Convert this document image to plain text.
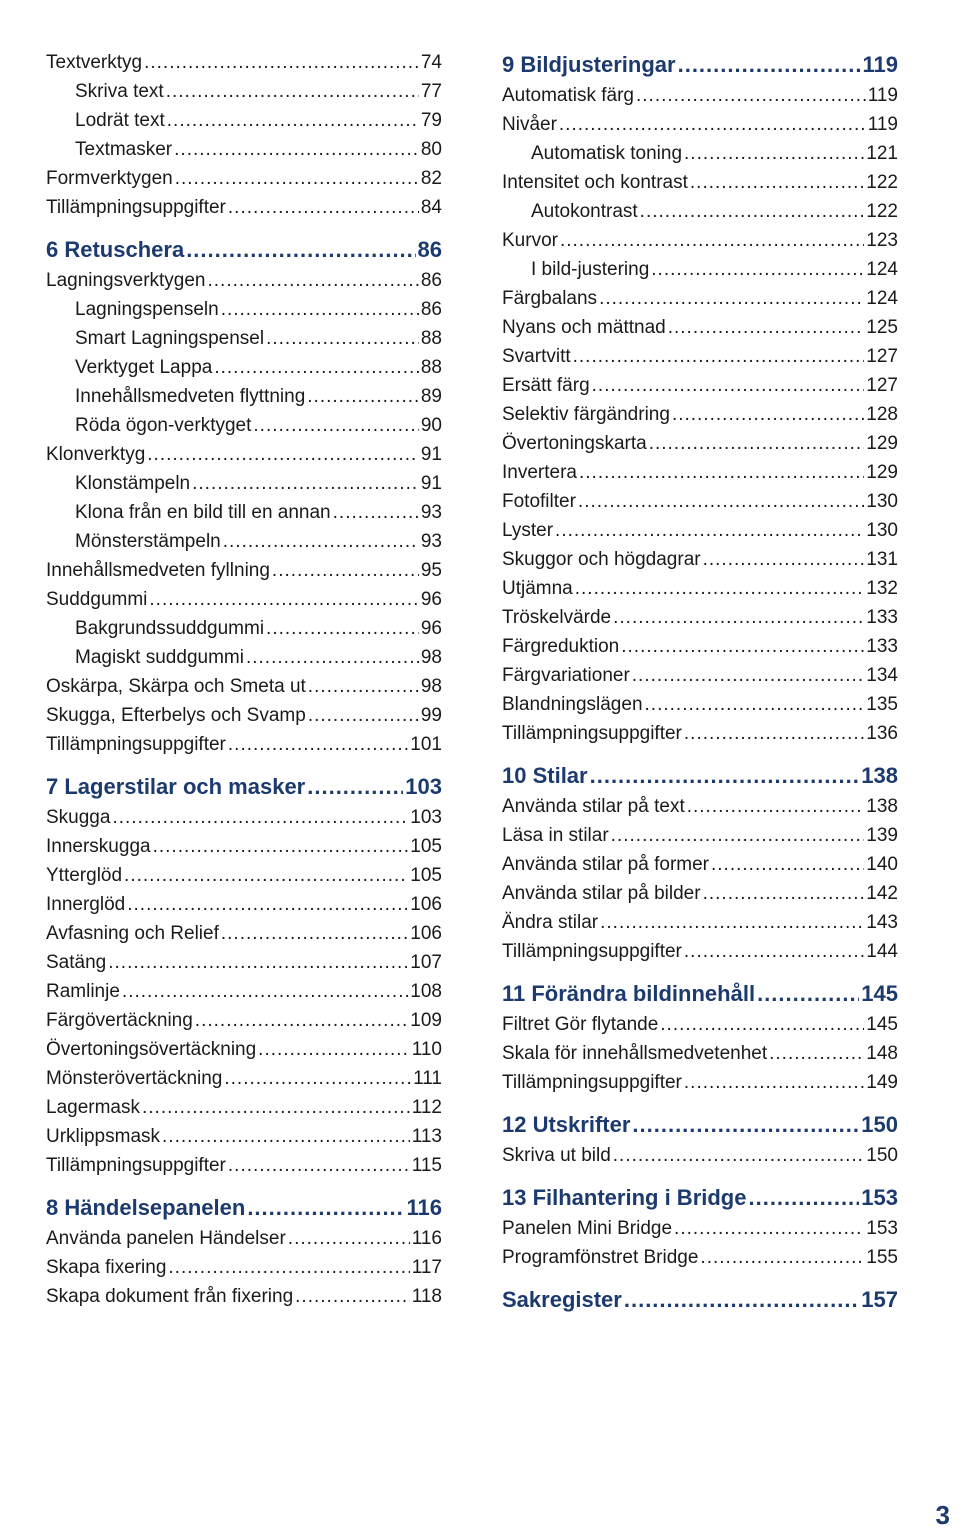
Textverktyg .....	74
Skriva text .....	77
Lodrät text .....	79
Textmasker .....	80
Formverktygen .....	82
Tillämpningsuppgifter .....	84
6 Retuschera .....	86
Lagningsverktygen .....	86
Lagningspenseln .....	86
Smart Lagningspensel .....	88
Verktyget Lappa .....	88
Innehållsmedveten flyttning .....	89
Röda ögon-verktyget .....	90
Klonverktyg .....	91
Klonstämpeln .....	91
Klona från en bild till en annan .....	93
Mönsterstämpeln .....	93
Innehållsmedveten fyllning .....	95
Suddgummi .....	96
Bakgrundssuddgummi .....	96
Magiskt suddgummi .....	98
Oskärpa, Skärpa och Smeta ut .....	98
Skugga, Efterbelys och Svamp .....	99
Tillämpningsuppgifter .....	101
7 Lagerstilar och masker .....	103
Skugga .....	103
Innerskugga .....	105
Ytterglöd .....	105
Innerglöd .....	106
Avfasning och Relief .....	106
Satäng .....	107
Ramlinje .....	108
Färgövertäckning .....	109
Övertoningsövertäckning .....	110
Mönsterövertäckning .....	111
Lagermask .....	112
Urklippsmask .....	113
Tillämpningsuppgifter .....	115
8 Händelsepanelen .....	116
Använda panelen Händelser .....	116
Skapa fixering .....	117
Skapa dokument från fixering .....	118
9 Bildjusteringar .....	119
Automatisk färg .....	119
Nivåer .....	119
Automatisk toning .....	121
Intensitet och kontrast .....	122
Autokontrast .....	122
Kurvor .....	123
I bild-justering .....	124
Färgbalans .....	124
Nyans och mättnad .....	125
Svartvitt .....	127
Ersätt färg .....	127
Selektiv färgändring .....	128
Övertoningskarta .....	129
Invertera .....	129
Fotofilter .....	130
Lyster .....	130
Skuggor och högdagrar .....	131
Utjämna .....	132
Tröskelvärde .....	133
Färgreduktion .....	133
Färgvariationer .....	134
Blandningslägen .....	135
Tillämpningsuppgifter .....	136
10 Stilar .....	138
Använda stilar på text .....	138
Läsa in stilar .....	139
Använda stilar på former .....	140
Använda stilar på bilder .....	142
Ändra stilar .....	143
Tillämpningsuppgifter .....	144
11 Förändra bildinnehåll .....	145
Filtret Gör flytande .....	145
Skala för innehållsmedvetenhet .....	148
Tillämpningsuppgifter .....	149
12 Utskrifter .....	150
Skriva ut bild .....	150
13 Filhantering i Bridge .....	153
Panelen Mini Bridge .....	153
Programfönstret Bridge .....	155
Sakregister .....	157
3
